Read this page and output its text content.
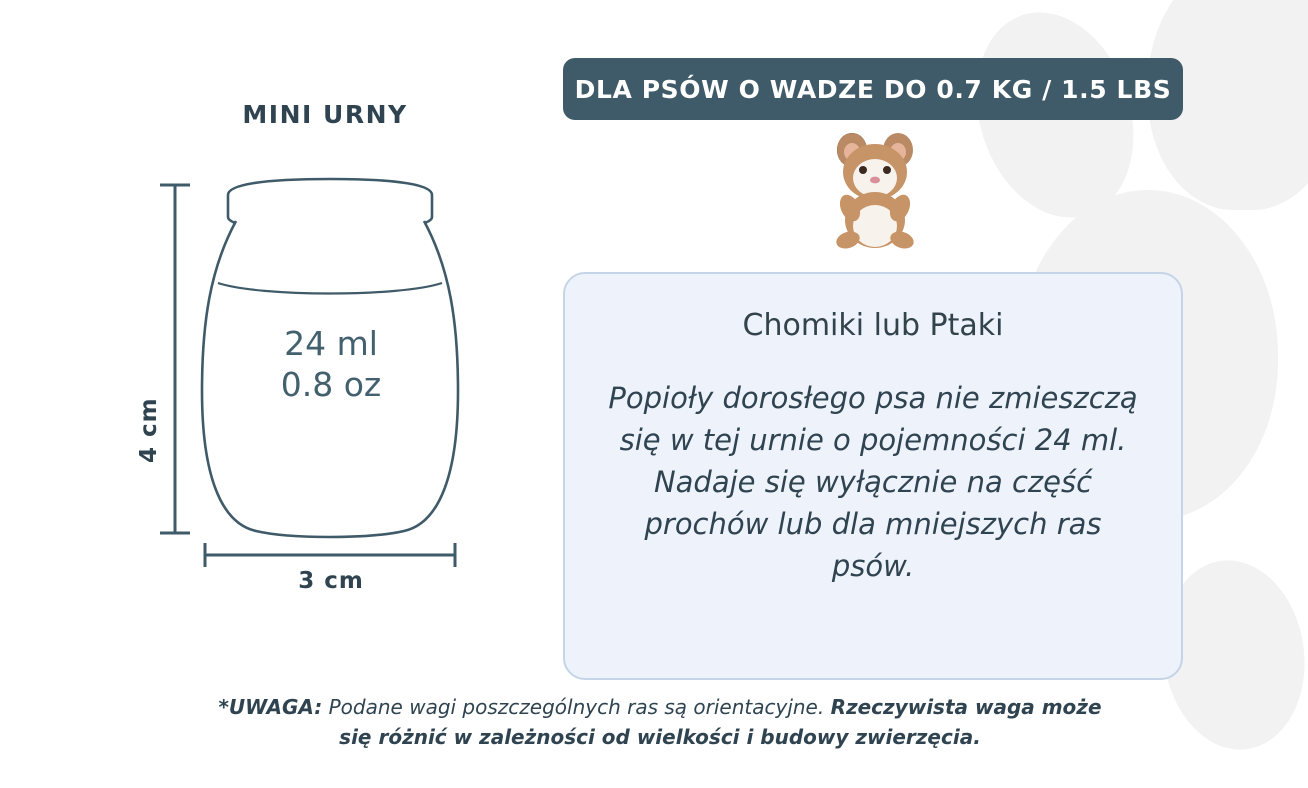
MINI URNY
24 ml
0.8 oz
4 cm
3 cm
DLA PSÓW O WADZE DO 0.7 KG / 1.5 LBS
Chomiki lub Ptaki
Popioły dorosłego psa nie zmieszczą się w tej urnie o pojemności 24 ml. Nadaje się wyłącznie na część prochów lub dla mniejszych ras psów.
*UWAGA: Podane wagi poszczególnych ras są orientacyjne. Rzeczywista waga może się różnić w zależności od wielkości i budowy zwierzęcia.
